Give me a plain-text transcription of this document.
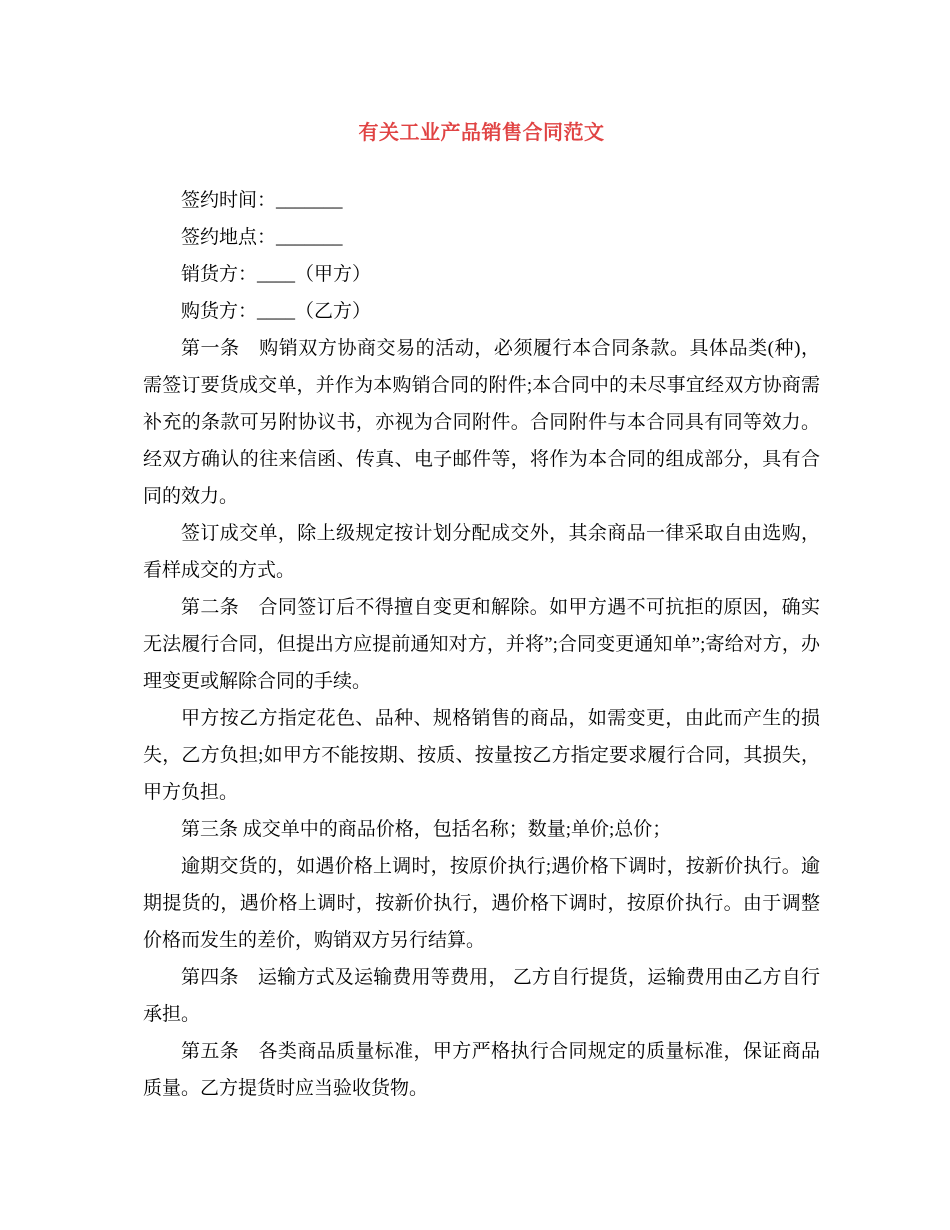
有关工业产品销售合同范文

签约时间：_______

签约地点：_______

销货方：____（甲方）

购货方：____（乙方）

第一条　购销双方协商交易的活动，必须履行本合同条款。具体品类(种)，需签订要货成交单，并作为本购销合同的附件;本合同中的未尽事宜经双方协商需补充的条款可另附协议书，亦视为合同附件。合同附件与本合同具有同等效力。经双方确认的往来信函、传真、电子邮件等，将作为本合同的组成部分，具有合同的效力。

签订成交单，除上级规定按计划分配成交外，其余商品一律采取自由选购，看样成交的方式。

第二条　合同签订后不得擅自变更和解除。如甲方遇不可抗拒的原因，确实无法履行合同，但提出方应提前通知对方，并将”;合同变更通知单”;寄给对方，办理变更或解除合同的手续。

甲方按乙方指定花色、品种、规格销售的商品，如需变更，由此而产生的损失，乙方负担;如甲方不能按期、按质、按量按乙方指定要求履行合同，其损失，甲方负担。

第三条 成交单中的商品价格，包括名称；数量;单价;总价；

逾期交货的，如遇价格上调时，按原价执行;遇价格下调时，按新价执行。逾期提货的，遇价格上调时，按新价执行，遇价格下调时，按原价执行。由于调整价格而发生的差价，购销双方另行结算。

第四条　运输方式及运输费用等费用， 乙方自行提货，运输费用由乙方自行承担。

第五条　各类商品质量标准，甲方严格执行合同规定的质量标准，保证商品质量。乙方提货时应当验收货物。
